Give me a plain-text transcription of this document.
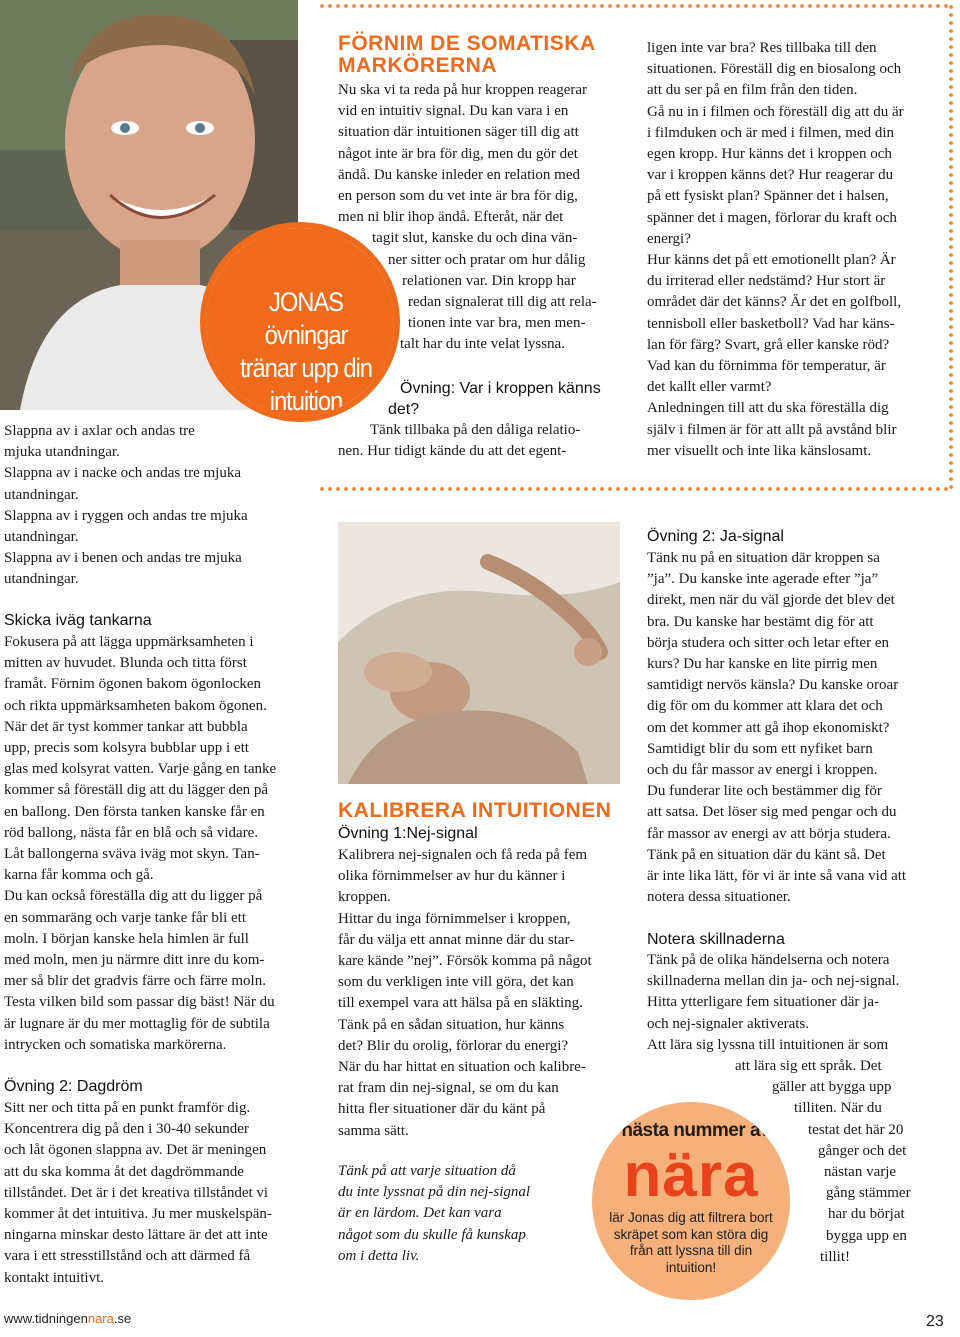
JONAS övningar
tränar upp din
intuition

Slappna av i axlar och andas tre

mjuka utandningar.

Slappna av i nacke och andas tre mjuka

utandningar.

Slappna av i ryggen och andas tre mjuka

utandningar.

Slappna av i benen och andas tre mjuka

utandningar.

Skicka iväg tankarna

Fokusera på att lägga uppmärksamheten i

mitten av huvudet. Blunda och titta först

framåt. Förnim ögonen bakom ögonlocken

och rikta uppmärksamheten bakom ögonen.

När det är tyst kommer tankar att bubbla

upp, precis som kolsyra bubblar upp i ett

glas med kolsyrat vatten. Varje gång en tanke

kommer så föreställ dig att du lägger den på

en ballong. Den första tanken kanske får en

röd ballong, nästa får en blå och så vidare.

Låt ballongerna sväva iväg mot skyn. Tan-

karna får komma och gå.

Du kan också föreställa dig att du ligger på

en sommaräng och varje tanke får bli ett

moln. I början kanske hela himlen är full

med moln, men ju närmre ditt inre du kom-

mer så blir det gradvis färre och färre moln.

Testa vilken bild som passar dig bäst! När du

är lugnare är du mer mottaglig för de subtila

intrycken och somatiska markörerna.

Övning 2: Dagdröm

Sitt ner och titta på en punkt framför dig.

Koncentrera dig på den i 30-40 sekunder

och låt ögonen slappna av. Det är meningen

att du ska komma åt det dagdrömmande

tillståndet. Det är i det kreativa tillståndet vi

kommer åt det intuitiva. Ju mer muskelspän-

ningarna minskar desto lättare är det att inte

vara i ett stresstillstånd och att därmed få

kontakt intuitivt.

FÖRNIM DE SOMATISKA
MARKÖRERNA

Nu ska vi ta reda på hur kroppen reagerar

vid en intuitiv signal. Du kan vara i en

situation där intuitionen säger till dig att

något inte är bra för dig, men du gör det

ändå. Du kanske inleder en relation med

en person som du vet inte är bra för dig,

men ni blir ihop ändå. Efteråt, när det

tagit slut, kanske du och dina vän-

ner sitter och pratar om hur dålig

relationen var. Din kropp har

redan signalerat till dig att rela-

tionen inte var bra, men men-

talt har du inte velat lyssna.

Övning: Var i kroppen känns
det?

Tänk tillbaka på den dåliga relatio-

nen. Hur tidigt kände du att det egent-

KALIBRERA INTUITIONEN
Övning 1:Nej-signal

Kalibrera nej-signalen och få reda på fem

olika förnimmelser av hur du känner i

kroppen.

Hittar du inga förnimmelser i kroppen,

får du välja ett annat minne där du star-

kare kände ”nej”. Försök komma på något

som du verkligen inte vill göra, det kan

till exempel vara att hälsa på en släkting.

Tänk på en sådan situation, hur känns

det? Blir du orolig, förlorar du energi?

När du har hittat en situation och kalibre-

rat fram din nej-signal, se om du kan

hitta fler situationer där du känt på

samma sätt.

Tänk på att varje situation då

du inte lyssnat på din nej-signal

är en lärdom. Det kan vara

något som du skulle få kunskap

om i detta liv.

ligen inte var bra? Res tillbaka till den

situationen. Föreställ dig en biosalong och

att du ser på en film från den tiden.

Gå nu in i filmen och föreställ dig att du är

i filmduken och är med i filmen, med din

egen kropp. Hur känns det i kroppen och

var i kroppen känns det? Hur reagerar du

på ett fysiskt plan? Spänner det i halsen,

spänner det i magen, förlorar du kraft och

energi?

Hur känns det på ett emotionellt plan? Är

du irriterad eller nedstämd? Hur stort är

området där det känns? Är det en golfboll,

tennisboll eller basketboll? Vad har käns-

lan för färg? Svart, grå eller kanske röd?

Vad kan du förnimma för temperatur, är

det kallt eller varmt?

Anledningen till att du ska föreställa dig

själv i filmen är för att allt på avstånd blir

mer visuellt och inte lika känslosamt.

Övning 2: Ja-signal

Tänk nu på en situation där kroppen sa

”ja”. Du kanske inte agerade efter ”ja”

direkt, men när du väl gjorde det blev det

bra. Du kanske har bestämt dig för att

börja studera och sitter och letar efter en

kurs? Du har kanske en lite pirrig men

samtidigt nervös känsla? Du kanske oroar

dig för om du kommer att klara det och

om det kommer att gå ihop ekonomiskt?

Samtidigt blir du som ett nyfiket barn

och du får massor av energi i kroppen.

Du funderar lite och bestämmer dig för

att satsa. Det löser sig med pengar och du

får massor av energi av att börja studera.

Tänk på en situation där du känt så. Det

är inte lika lätt, för vi är inte så vana vid att

notera dessa situationer.

Notera skillnaderna

Tänk på de olika händelserna och notera

skillnaderna mellan din ja- och nej-signal.

Hitta ytterligare fem situationer där ja-

och nej-signaler aktiverats.

Att lära sig lyssna till intuitionen är som

att lära sig ett språk. Det

gäller att bygga upp

tilliten. När du

testat det här 20

gånger och det

nästan varje

gång stämmer

har du börjat

bygga upp en

tillit!

I nästa nummer av
nära
lär Jonas dig att filtrera bort skräpet som kan störa dig från att lyssna till din intuition!
www.tidningennara.se	23
